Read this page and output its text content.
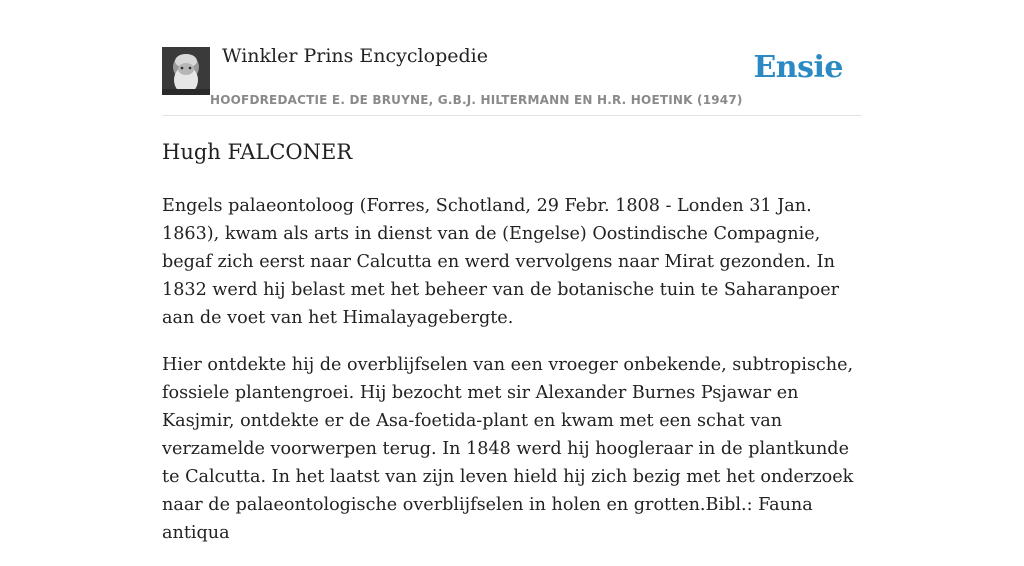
Winkler Prins Encyclopedie
HOOFDREDACTIE E. DE BRUYNE, G.B.J. HILTERMANN EN H.R. HOETINK (1947)
Ensie
Hugh FALCONER

Engels palaeontoloog (Forres, Schotland, 29 Febr. 1808 - Londen 31 Jan. 1863), kwam als arts in dienst van de (Engelse) Oostindische Compagnie, begaf zich eerst naar Calcutta en werd vervolgens naar Mirat gezonden. In 1832 werd hij belast met het beheer van de botanische tuin te Saharanpoer aan de voet van het Himalayagebergte.

Hier ontdekte hij de overblijfselen van een vroeger onbekende, subtropische, fossiele plantengroei. Hij bezocht met sir Alexander Burnes Psjawar en Kasjmir, ontdekte er de Asa-foetida-plant en kwam met een schat van verzamelde voorwerpen terug. In 1848 werd hij hoogleraar in de plantkunde te Calcutta. In het laatst van zijn leven hield hij zich bezig met het onderzoek naar de palaeontologische overblijfselen in holen en grotten.Bibl.: Fauna antiqua
